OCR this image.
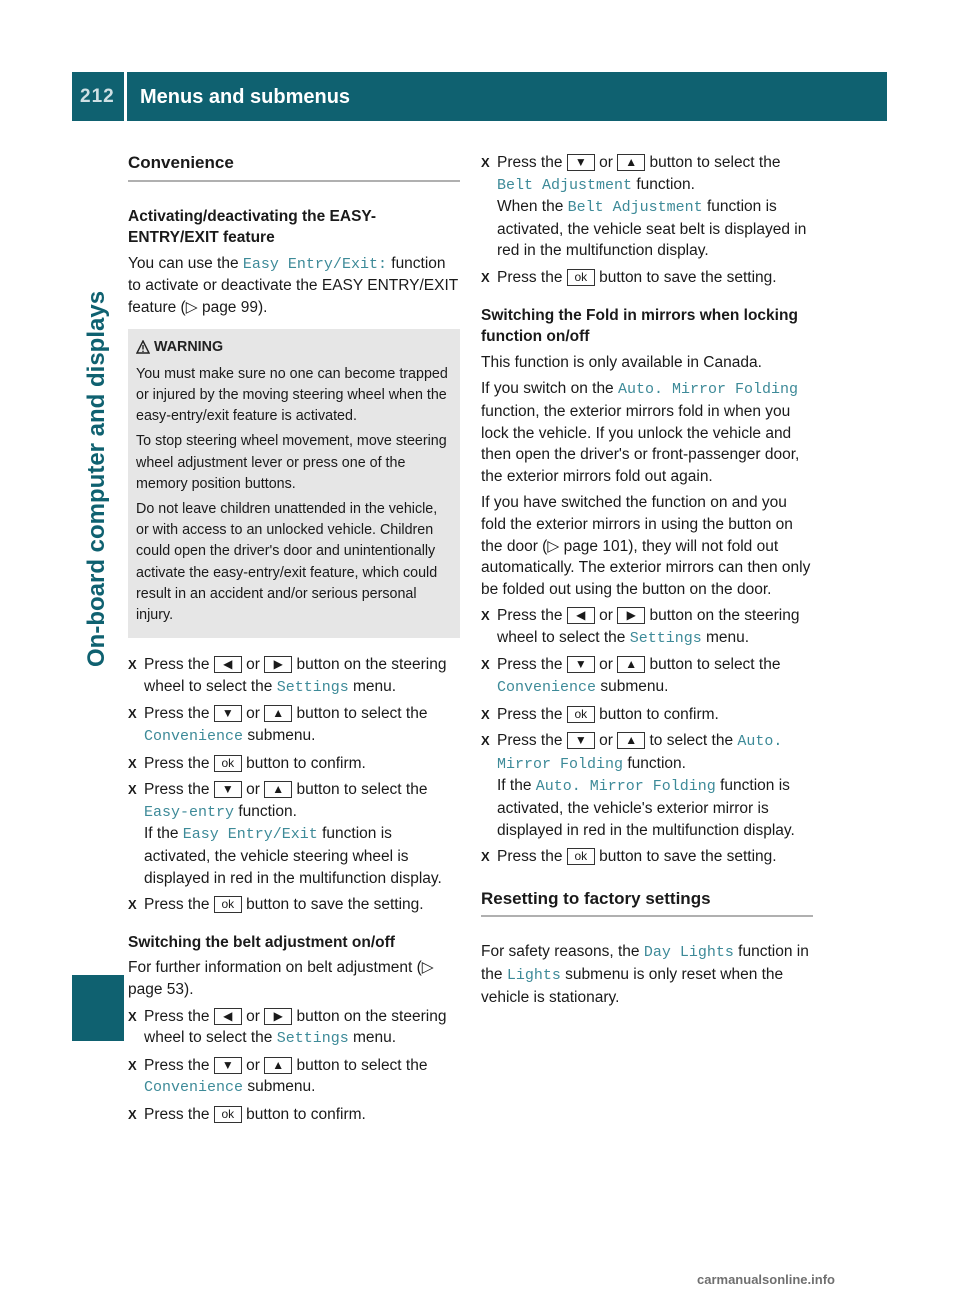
212 Menus and submenus
On-board computer and displays
Convenience
Activating/deactivating the EASY-ENTRY/EXIT feature

You can use the Easy Entry/Exit: function to activate or deactivate the EASY ENTRY/EXIT feature (▷ page 99).

WARNING

You must make sure no one can become trapped or injured by the moving steering wheel when the easy-entry/exit feature is activated.

To stop steering wheel movement, move steering wheel adjustment lever or press one of the memory position buttons.

Do not leave children unattended in the vehicle, or with access to an unlocked vehicle. Children could open the driver's door and unintentionally activate the easy-entry/exit feature, which could result in an accident and/or serious personal injury.

X Press the ◀ or ▶ button on the steering wheel to select the Settings menu.
X Press the ▼ or ▲ button to select the Convenience submenu.
X Press the ok button to confirm.
X Press the ▼ or ▲ button to select the Easy-entry function.
If the Easy Entry/Exit function is activated, the vehicle steering wheel is displayed in red in the multifunction display.
X Press the ok button to save the setting.
Switching the belt adjustment on/off

For further information on belt adjustment (▷ page 53).

X Press the ◀ or ▶ button on the steering wheel to select the Settings menu.
X Press the ▼ or ▲ button to select the Convenience submenu.
X Press the ok button to confirm.
X Press the ▼ or ▲ button to select the Belt Adjustment function.
When the Belt Adjustment function is activated, the vehicle seat belt is displayed in red in the multifunction display.
X Press the ok button to save the setting.
Switching the Fold in mirrors when locking function on/off

This function is only available in Canada.

If you switch on the Auto. Mirror Folding function, the exterior mirrors fold in when you lock the vehicle. If you unlock the vehicle and then open the driver's or front-passenger door, the exterior mirrors fold out again.

If you have switched the function on and you fold the exterior mirrors in using the button on the door (▷ page 101), they will not fold out automatically. The exterior mirrors can then only be folded out using the button on the door.

X Press the ◀ or ▶ button on the steering wheel to select the Settings menu.
X Press the ▼ or ▲ button to select the Convenience submenu.
X Press the ok button to confirm.
X Press the ▼ or ▲ to select the Auto. Mirror Folding function.
If the Auto. Mirror Folding function is activated, the vehicle's exterior mirror is displayed in red in the multifunction display.
X Press the ok button to save the setting.
Resetting to factory settings

For safety reasons, the Day Lights function in the Lights submenu is only reset when the vehicle is stationary.

carmanualsonline.info
